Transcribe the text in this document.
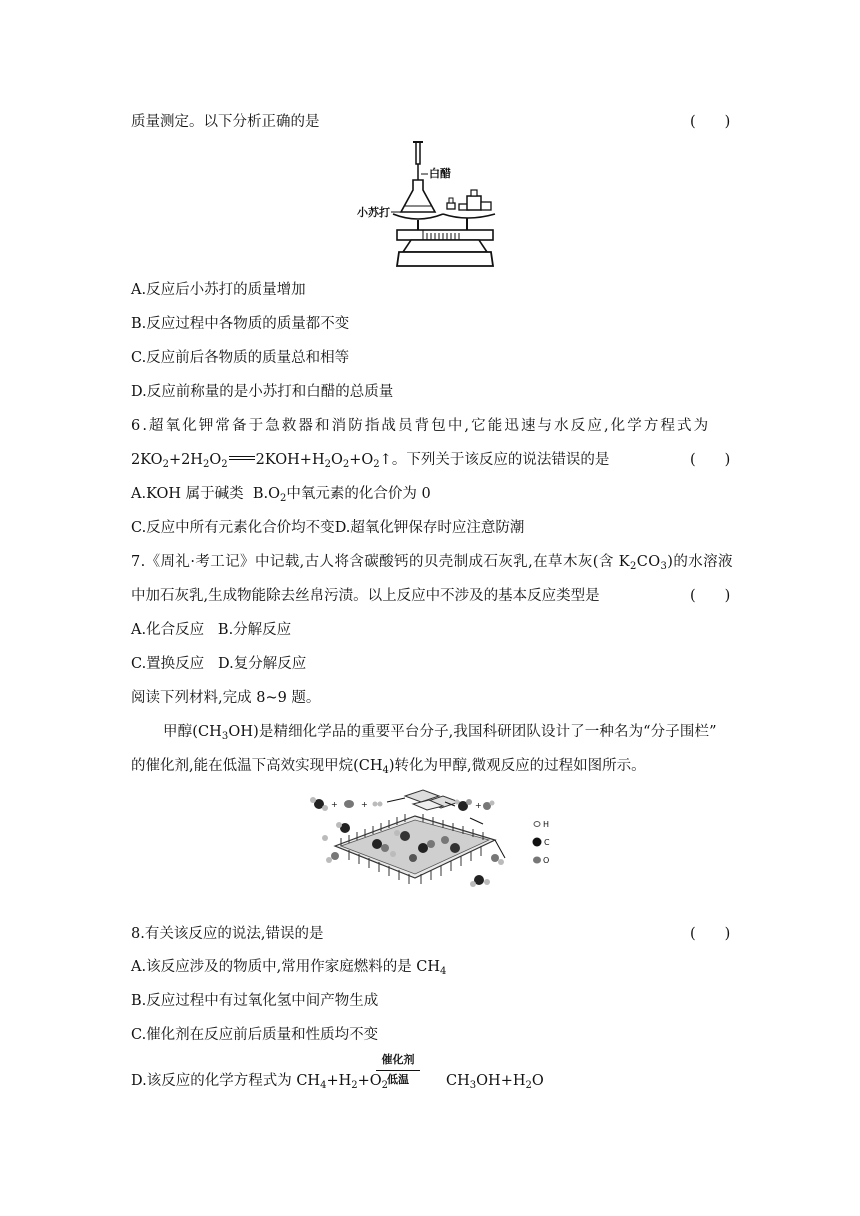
质量测定。以下分析正确的是	(　　)
白醋
小苏打
A.反应后小苏打的质量增加
B.反应过程中各物质的质量都不变
C.反应前后各物质的质量总和相等
D.反应前称量的是小苏打和白醋的总质量
6.超氧化钾常备于急救器和消防指战员背包中,它能迅速与水反应,化学方程式为
$2KO_2+2H_2O_2$ $2KOH+H_2O_2+O_2↑$。下列关于该反应的说法错误的是	(　　)
A.KOH 属于碱类 $B.O_2$中氧元素的化合价为 0
C.反应中所有元素化合价均不变D.超氧化钾保存时应注意防潮
7.《周礼·考工记》中记载,古人将含碳酸钙的贝壳制成石灰乳,在草木灰(含 $K_2CO_3$)的水溶液
中加石灰乳,生成物能除去丝帛污渍。以上反应中不涉及的基本反应类型是	(　　)
A.化合反应 B.分解反应
C.置换反应 D.复分解反应
阅读下列材料,完成 8~9 题。
甲醇$(CH_3OH)$是精细化学品的重要平台分子,我国科研团队设计了一种名为“分子围栏”
的催化剂,能在低温下高效实现甲烷$(CH_4)$转化为甲醇,微观反应的过程如图所示。
+	+	+
H
C
O
8.有关该反应的说法,错误的是	(　　)
A.该反应涉及的物质中,常用作家庭燃料的是 $CH_4$
B.反应过程中有过氧化氢中间产物生成
C.催化剂在反应前后质量和性质均不变
催化剂
低温
D.该反应的化学方程式为 $CH_4+H_2+O_2$	$CH_3OH+H_2O$
